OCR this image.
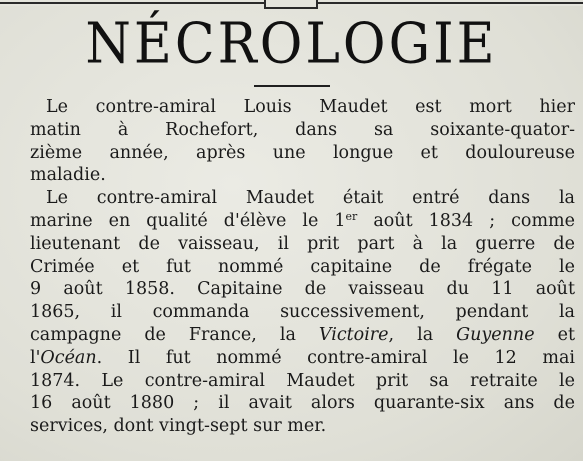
NÉCROLOGIE
Le contre-amiral Louis Maudet est mort hier
matin à Rochefort, dans sa soixante-quator-
zième année, après une longue et douloureuse
maladie.
Le contre-amiral Maudet était entré dans la
marine en qualité d'élève le 1er août 1834 ; comme
lieutenant de vaisseau, il prit part à la guerre de
Crimée et fut nommé capitaine de frégate le
9 août 1858. Capitaine de vaisseau du 11 août
1865, il commanda successivement, pendant la
campagne de France, la Victoire, la Guyenne et
l'Océan. Il fut nommé contre-amiral le 12 mai
1874. Le contre-amiral Maudet prit sa retraite le
16 août 1880 ; il avait alors quarante-six ans de
services, dont vingt-sept sur mer.
